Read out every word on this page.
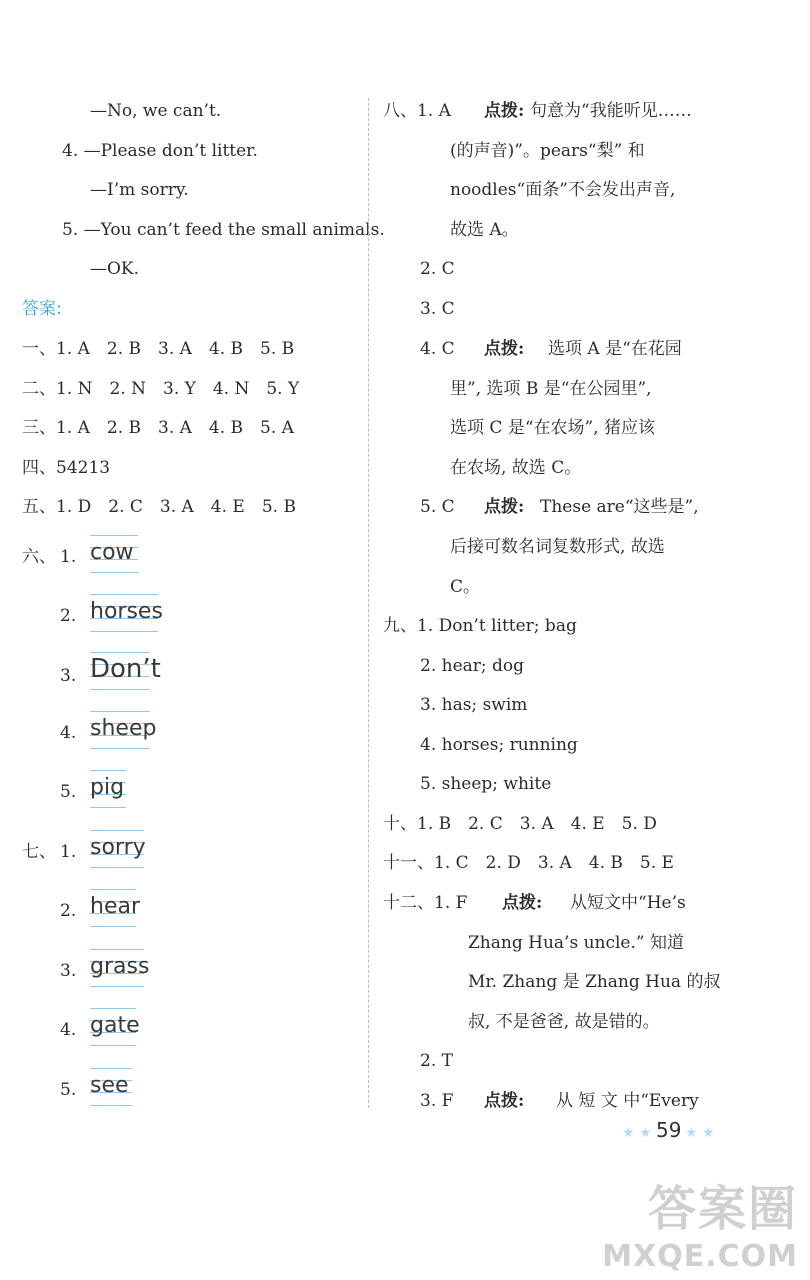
—No, we can’t.
4. —Please don’t litter.
—I’m sorry.
5. —You can’t feed the small animals.
—OK.
答案:
一、1. A　2. B　3. A　4. B　5. B
二、1. N　2. N　3. Y　4. N　5. Y
三、1. A　2. B　3. A　4. B　5. A
四、54213
五、1. D　2. C　3. A　4. E　5. B
六、 1. cow
2. horses
3. Don’t
4. sheep
5. pig
七、 1. sorry
2. hear
3. grass
4. gate
5. see
八、1. A 点拨: 句意为“我能听见……
(的声音)”。pears“梨” 和
noodles“面条”不会发出声音,
故选 A。
2. C
3. C
4. C 点拨: 选项 A 是“在花园
里”, 选项 B 是“在公园里”,
选项 C 是“在农场”, 猪应该
在农场, 故选 C。
5. C 点拨: These are“这些是”,
后接可数名词复数形式, 故选
C。
九、1. Don’t litter; bag
2. hear; dog
3. has; swim
4. horses; running
5. sheep; white
十、1. B　2. C　3. A　4. E　5. D
十一、1. C　2. D　3. A　4. B　5. E
十二、1. F 点拨: 从短文中“He’s
Zhang Hua’s uncle.” 知道
Mr. Zhang 是 Zhang Hua 的叔
叔, 不是爸爸, 故是错的。
2. T
3. F 点拨: 从 短 文 中“Every
★ ★ 59 ★ ★
答案圈
MXQE.COM
